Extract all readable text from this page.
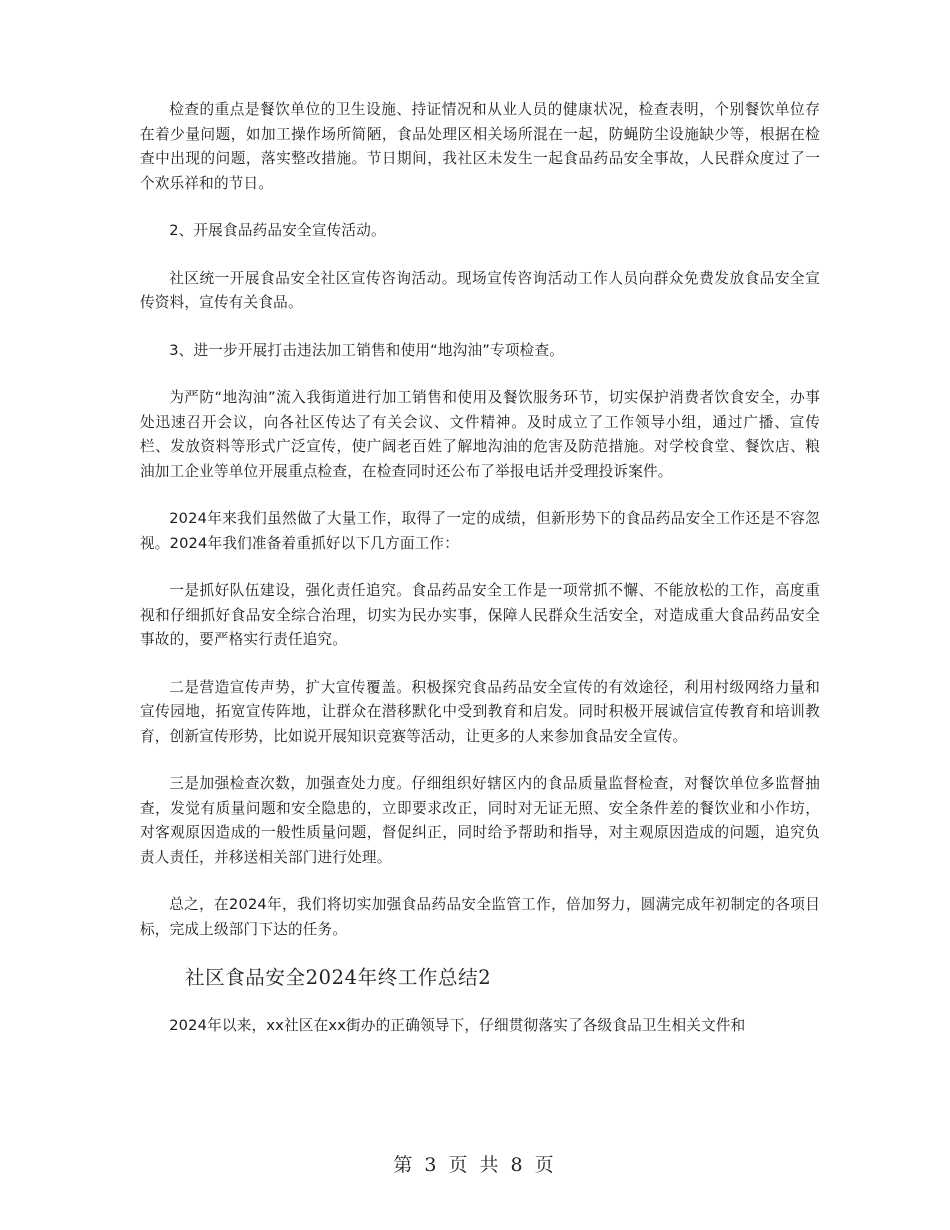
检查的重点是餐饮单位的卫生设施、持证情况和从业人员的健康状况，检查表明，个别餐饮单位存在着少量问题，如加工操作场所简陋，食品处理区相关场所混在一起，防蝇防尘设施缺少等，根据在检查中出现的问题，落实整改措施。节日期间，我社区未发生一起食品药品安全事故，人民群众度过了一个欢乐祥和的节日。

2、开展食品药品安全宣传活动。

社区统一开展食品安全社区宣传咨询活动。现场宣传咨询活动工作人员向群众免费发放食品安全宣传资料，宣传有关食品。

3、进一步开展打击违法加工销售和使用“地沟油”专项检查。

为严防“地沟油”流入我街道进行加工销售和使用及餐饮服务环节，切实保护消费者饮食安全，办事处迅速召开会议，向各社区传达了有关会议、文件精神。及时成立了工作领导小组，通过广播、宣传栏、发放资料等形式广泛宣传，使广阔老百姓了解地沟油的危害及防范措施。对学校食堂、餐饮店、粮油加工企业等单位开展重点检查，在检查同时还公布了举报电话并受理投诉案件。

2024年来我们虽然做了大量工作，取得了一定的成绩，但新形势下的食品药品安全工作还是不容忽视。2024年我们准备着重抓好以下几方面工作：

一是抓好队伍建设，强化责任追究。食品药品安全工作是一项常抓不懈、不能放松的工作，高度重视和仔细抓好食品安全综合治理，切实为民办实事，保障人民群众生活安全，对造成重大食品药品安全事故的，要严格实行责任追究。

二是营造宣传声势，扩大宣传覆盖。积极探究食品药品安全宣传的有效途径，利用村级网络力量和宣传园地，拓宽宣传阵地，让群众在潜移默化中受到教育和启发。同时积极开展诚信宣传教育和培训教育，创新宣传形势，比如说开展知识竞赛等活动，让更多的人来参加食品安全宣传。

三是加强检查次数，加强查处力度。仔细组织好辖区内的食品质量监督检查，对餐饮单位多监督抽查，发觉有质量问题和安全隐患的，立即要求改正，同时对无证无照、安全条件差的餐饮业和小作坊，对客观原因造成的一般性质量问题，督促纠正，同时给予帮助和指导，对主观原因造成的问题，追究负责人责任，并移送相关部门进行处理。

总之，在2024年，我们将切实加强食品药品安全监管工作，倍加努力，圆满完成年初制定的各项目标，完成上级部门下达的任务。

社区食品安全2024年终工作总结2

2024年以来，xx社区在xx街办的正确领导下，仔细贯彻落实了各级食品卫生相关文件和

第 3 页 共 8 页
